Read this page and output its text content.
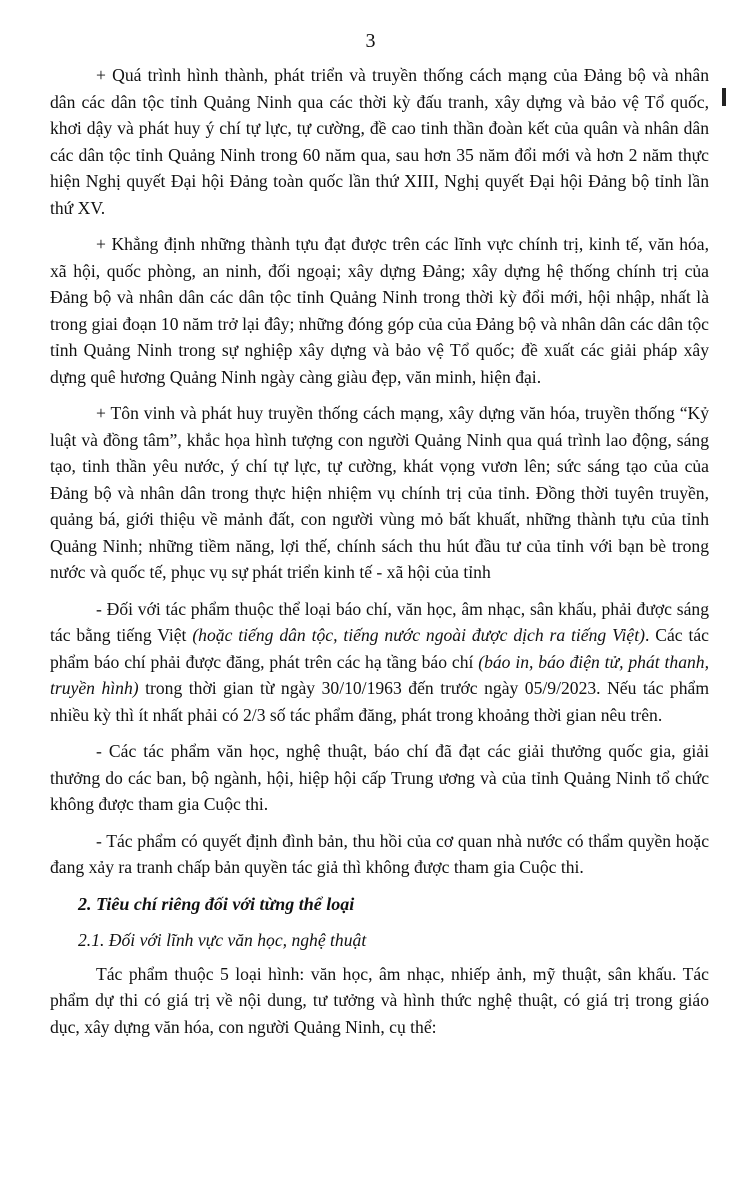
3

+ Quá trình hình thành, phát triển và truyền thống cách mạng của Đảng bộ và nhân dân các dân tộc tỉnh Quảng Ninh qua các thời kỳ đấu tranh, xây dựng và bảo vệ Tổ quốc, khơi dậy và phát huy ý chí tự lực, tự cường, đề cao tinh thần đoàn kết của quân và nhân dân các dân tộc tỉnh Quảng Ninh trong 60 năm qua, sau hơn 35 năm đổi mới và hơn 2 năm thực hiện Nghị quyết Đại hội Đảng toàn quốc lần thứ XIII, Nghị quyết Đại hội Đảng bộ tỉnh lần thứ XV.

+ Khẳng định những thành tựu đạt được trên các lĩnh vực chính trị, kinh tế, văn hóa, xã hội, quốc phòng, an ninh, đối ngoại; xây dựng Đảng; xây dựng hệ thống chính trị của Đảng bộ và nhân dân các dân tộc tỉnh Quảng Ninh trong thời kỳ đổi mới, hội nhập, nhất là trong giai đoạn 10 năm trở lại đây; những đóng góp của của Đảng bộ và nhân dân các dân tộc tỉnh Quảng Ninh trong sự nghiệp xây dựng và bảo vệ Tổ quốc; đề xuất các giải pháp xây dựng quê hương Quảng Ninh ngày càng giàu đẹp, văn minh, hiện đại.

+ Tôn vinh và phát huy truyền thống cách mạng, xây dựng văn hóa, truyền thống “Kỷ luật và đồng tâm”, khắc họa hình tượng con người Quảng Ninh qua quá trình lao động, sáng tạo, tinh thần yêu nước, ý chí tự lực, tự cường, khát vọng vươn lên; sức sáng tạo của của Đảng bộ và nhân dân trong thực hiện nhiệm vụ chính trị của tỉnh. Đồng thời tuyên truyền, quảng bá, giới thiệu về mảnh đất, con người vùng mỏ bất khuất, những thành tựu của tỉnh Quảng Ninh; những tiềm năng, lợi thế, chính sách thu hút đầu tư của tỉnh với bạn bè trong nước và quốc tế, phục vụ sự phát triển kinh tế - xã hội của tỉnh

- Đối với tác phẩm thuộc thể loại báo chí, văn học, âm nhạc, sân khấu, phải được sáng tác bằng tiếng Việt (hoặc tiếng dân tộc, tiếng nước ngoài được dịch ra tiếng Việt). Các tác phẩm báo chí phải được đăng, phát trên các hạ tầng báo chí (báo in, báo điện tử, phát thanh, truyền hình) trong thời gian từ ngày 30/10/1963 đến trước ngày 05/9/2023. Nếu tác phẩm nhiều kỳ thì ít nhất phải có 2/3 số tác phẩm đăng, phát trong khoảng thời gian nêu trên.

- Các tác phẩm văn học, nghệ thuật, báo chí đã đạt các giải thưởng quốc gia, giải thưởng do các ban, bộ ngành, hội, hiệp hội cấp Trung ương và của tỉnh Quảng Ninh tổ chức không được tham gia Cuộc thi.

- Tác phẩm có quyết định đình bản, thu hồi của cơ quan nhà nước có thẩm quyền hoặc đang xảy ra tranh chấp bản quyền tác giả thì không được tham gia Cuộc thi.

2. Tiêu chí riêng đối với từng thể loại
2.1. Đối với lĩnh vực văn học, nghệ thuật

Tác phẩm thuộc 5 loại hình: văn học, âm nhạc, nhiếp ảnh, mỹ thuật, sân khấu. Tác phẩm dự thi có giá trị về nội dung, tư tưởng và hình thức nghệ thuật, có giá trị trong giáo dục, xây dựng văn hóa, con người Quảng Ninh, cụ thể:
